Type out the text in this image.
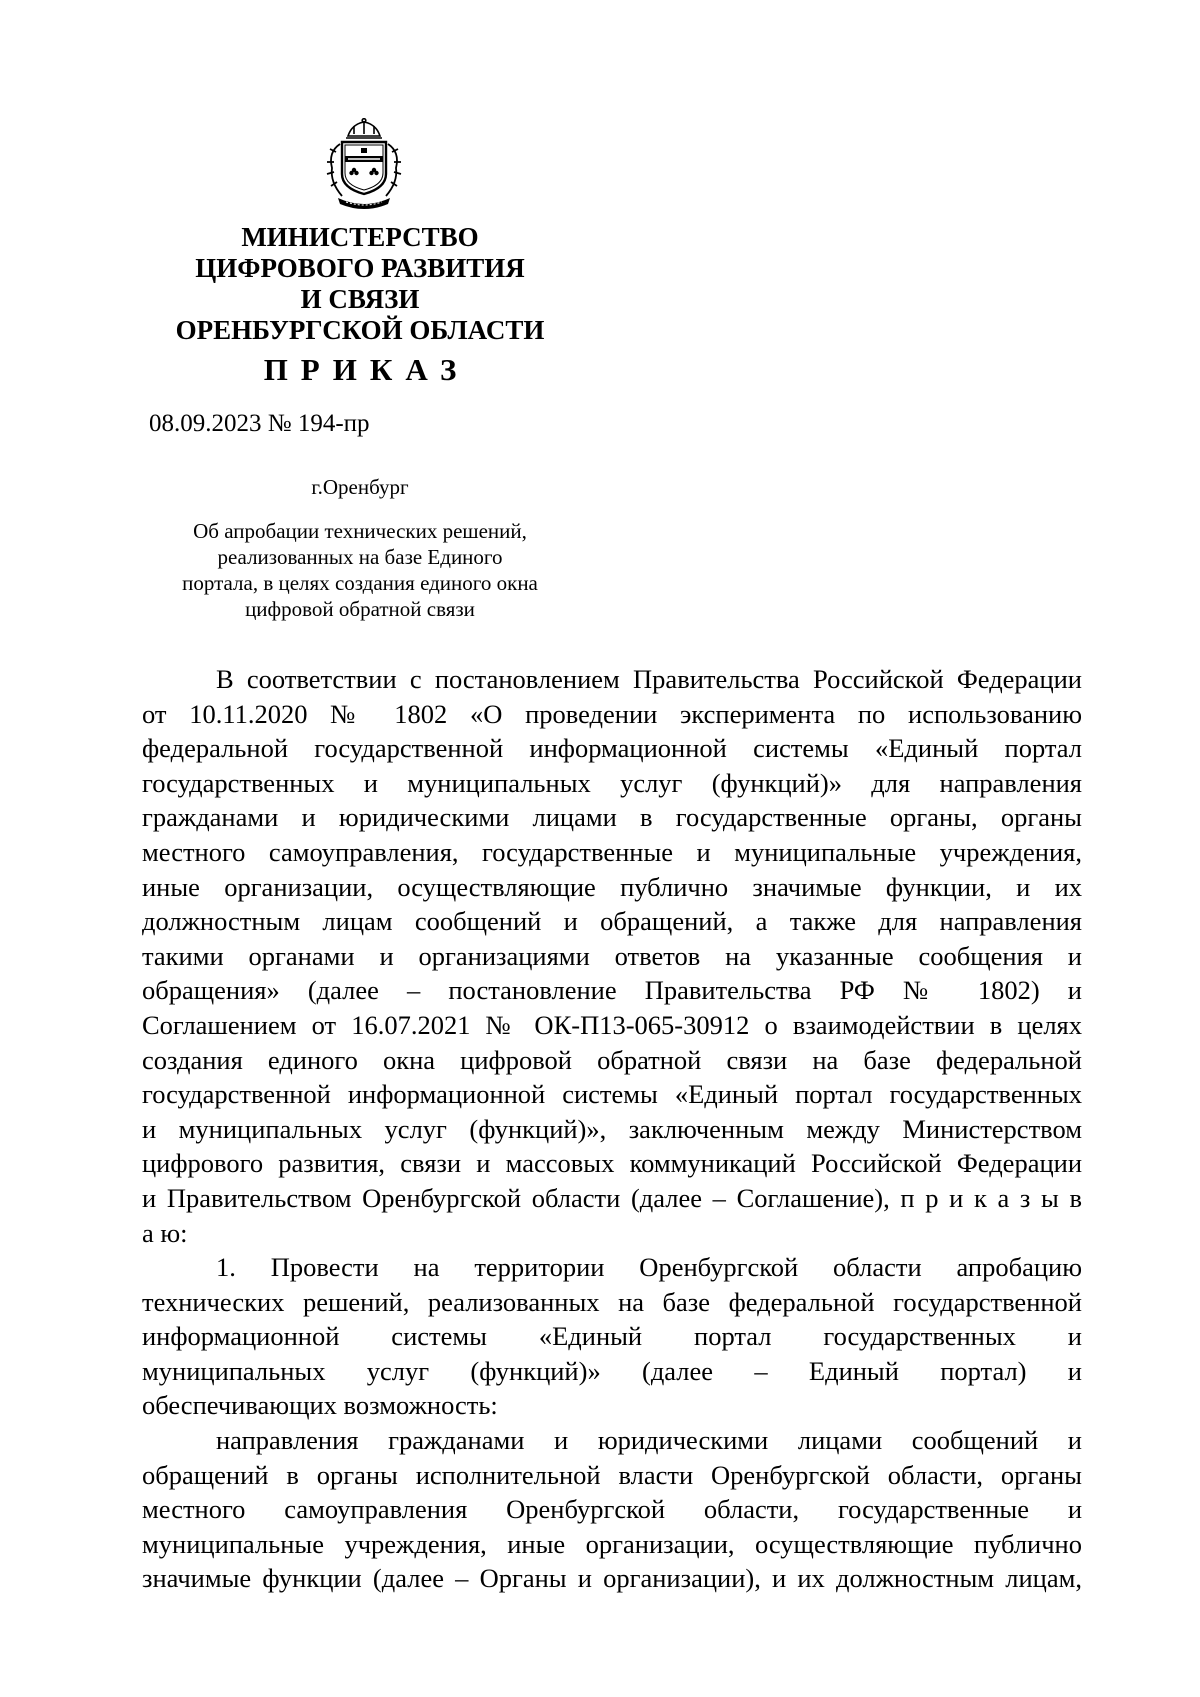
МИНИСТЕРСТВО
ЦИФРОВОГО РАЗВИТИЯ
И СВЯЗИ
ОРЕНБУРГСКОЙ ОБЛАСТИ
ПРИКАЗ
08.09.2023 № 194-пр
г.Оренбург
Об апробации технических решений,
реализованных на базе Единого
портала, в целях создания единого окна
цифровой обратной связи
В соответствии с постановлением Правительства Российской Федерации
от 10.11.2020 № 1802 «О проведении эксперимента по использованию
федеральной государственной информационной системы «Единый портал
государственных и муниципальных услуг (функций)» для направления
гражданами и юридическими лицами в государственные органы, органы
местного самоуправления, государственные и муниципальные учреждения,
иные организации, осуществляющие публично значимые функции, и их
должностным лицам сообщений и обращений, а также для направления
такими органами и организациями ответов на указанные сообщения и
обращения» (далее – постановление Правительства РФ № 1802) и
Соглашением от 16.07.2021 № ОК-П13-065-30912 о взаимодействии в целях
создания единого окна цифровой обратной связи на базе федеральной
государственной информационной системы «Единый портал государственных
и муниципальных услуг (функций)», заключенным между Министерством
цифрового развития, связи и массовых коммуникаций Российской Федерации
и Правительством Оренбургской области (далее – Соглашение), п р и к а з ы в
а ю:
1. Провести на территории Оренбургской области апробацию
технических решений, реализованных на базе федеральной государственной
информационной системы «Единый портал государственных и
муниципальных услуг (функций)» (далее – Единый портал) и
обеспечивающих возможность:
направления гражданами и юридическими лицами сообщений и
обращений в органы исполнительной власти Оренбургской области, органы
местного самоуправления Оренбургской области, государственные и
муниципальные учреждения, иные организации, осуществляющие публично
значимые функции (далее – Органы и организации), и их должностным лицам,
